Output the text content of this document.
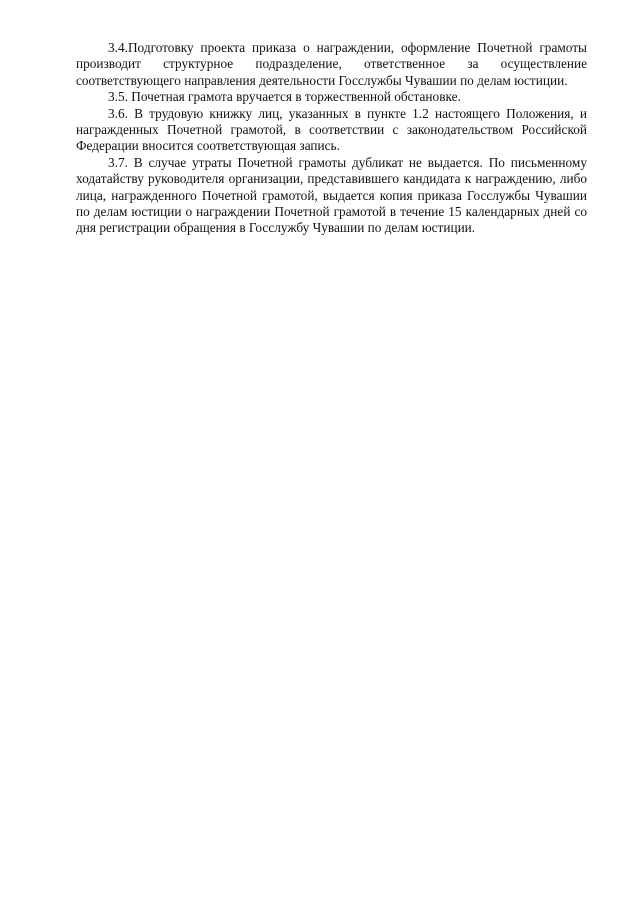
3.4.Подготовку проекта приказа о награждении, оформление Почетной грамоты производит структурное подразделение, ответственное за осуществление соответствующего направления деятельности Госслужбы Чувашии по делам юстиции.

3.5. Почетная грамота вручается в торжественной обстановке.

3.6. В трудовую книжку лиц, указанных в пункте 1.2 настоящего Положения, и награжденных Почетной грамотой, в соответствии с законодательством Российской Федерации вносится соответствующая запись.

3.7. В случае утраты Почетной грамоты дубликат не выдается. По письменному ходатайству руководителя организации, представившего кандидата к награждению, либо лица, награжденного Почетной грамотой, выдается копия приказа Госслужбы Чувашии по делам юстиции о награждении Почетной грамотой в течение 15 календарных дней со дня регистрации обращения в Госслужбу Чувашии по делам юстиции.
